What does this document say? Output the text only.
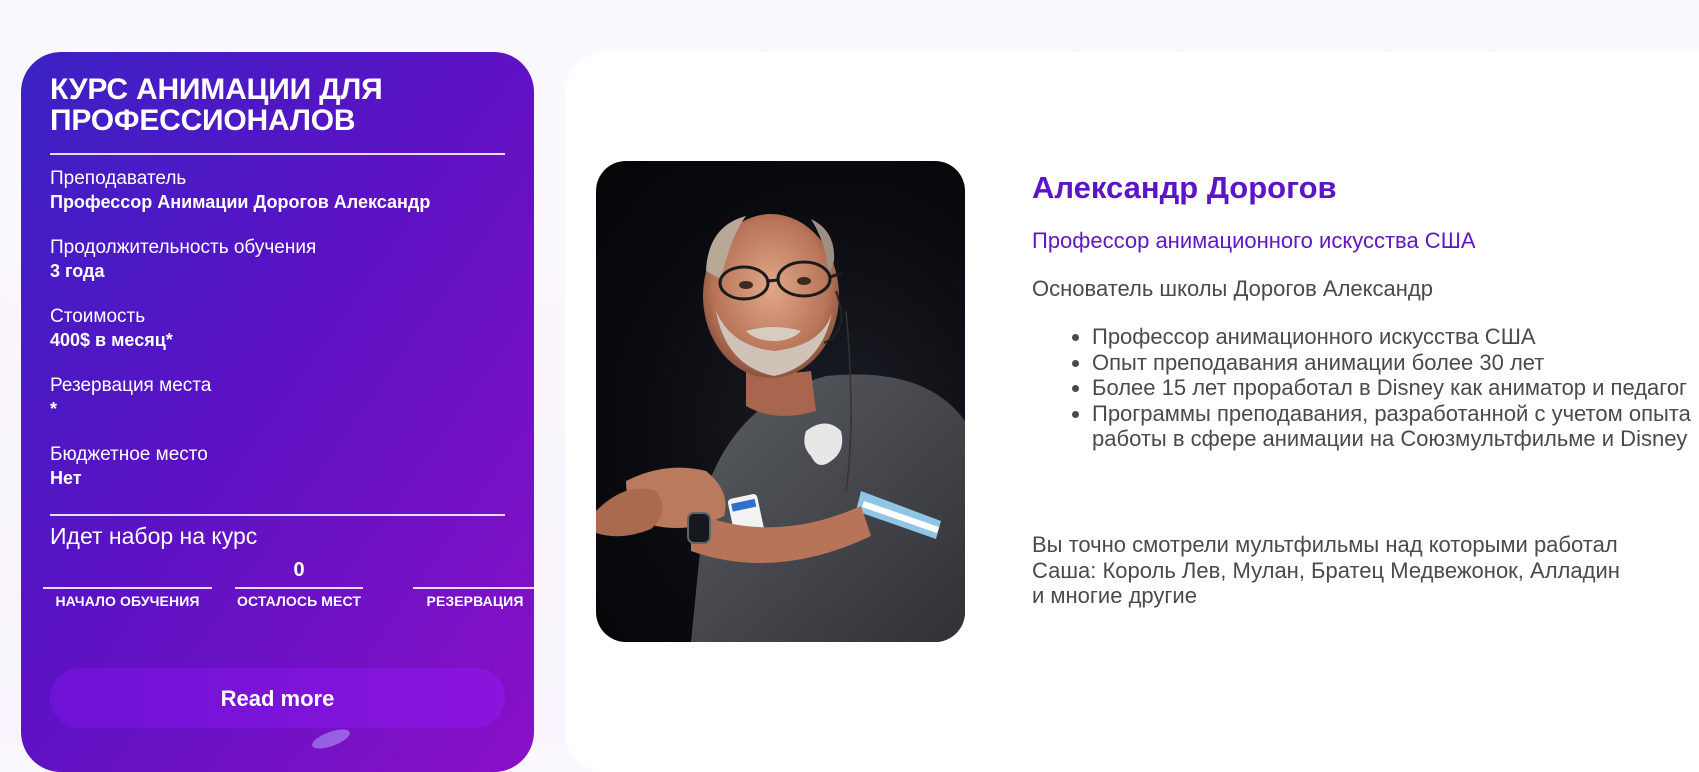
КУРС АНИМАЦИИ ДЛЯ ПРОФЕССИОНАЛОВ
Преподаватель
Профессор Анимации Дорогов Александр
Продолжительность обучения
3 года
Стоимость
400$ в месяц*
Резервация места
*
Бюджетное место
Нет
Идет набор на курс
НАЧАЛО ОБУЧЕНИЯ
0
ОСТАЛОСЬ МЕСТ	РЕЗЕРВАЦИЯ
Read more
Александр Дорогов
Профессор анимационного искусства США
Основатель школы Дорогов Александр
• Профессор анимационного искусства США
• Опыт преподавания анимации более 30 лет
• Более 15 лет проработал в Disney как аниматор и педагог
• Программы преподавания, разработанной с учетом опыта работы в сфере анимации на Союзмультфильме и Disney
Вы точно смотрели мультфильмы над которыми работал Саша: Король Лев, Мулан, Братец Медвежонок, Алладин и многие другие
